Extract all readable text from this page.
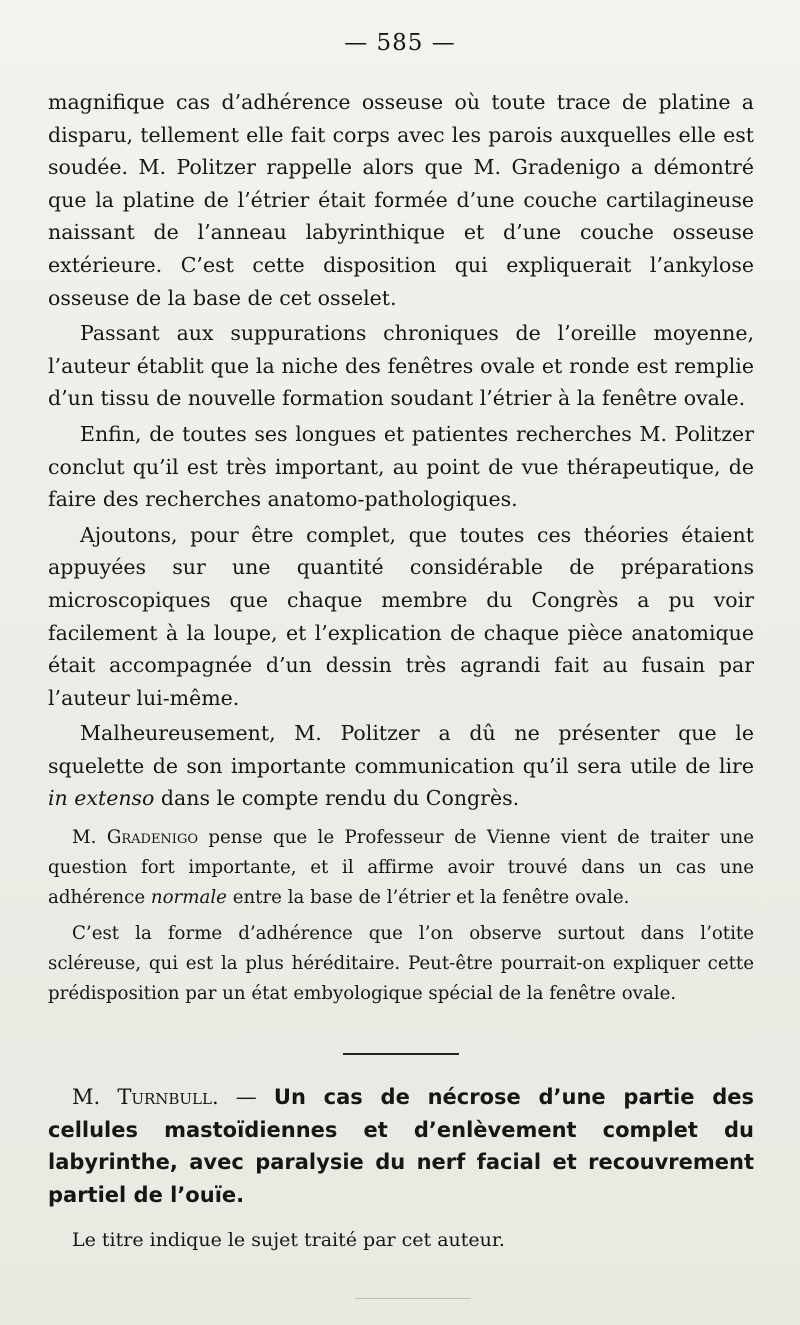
— 585 —

magnifique cas d’adhérence osseuse où toute trace de platine a disparu, tellement elle fait corps avec les parois auxquelles elle est soudée. M. Politzer rappelle alors que M. Gradenigo a démontré que la platine de l’étrier était formée d’une couche cartilagineuse naissant de l’anneau labyrinthique et d’une couche osseuse extérieure. C’est cette disposition qui expliquerait l’ankylose osseuse de la base de cet osselet.

Passant aux suppurations chroniques de l’oreille moyenne, l’auteur établit que la niche des fenêtres ovale et ronde est remplie d’un tissu de nouvelle formation soudant l’étrier à la fenêtre ovale.

Enfin, de toutes ses longues et patientes recherches M. Politzer conclut qu’il est très important, au point de vue thérapeutique, de faire des recherches anatomo-pathologiques.

Ajoutons, pour être complet, que toutes ces théories étaient appuyées sur une quantité considérable de préparations microscopiques que chaque membre du Congrès a pu voir facilement à la loupe, et l’explication de chaque pièce anatomique était accompagnée d’un dessin très agrandi fait au fusain par l’auteur lui-même.

Malheureusement, M. Politzer a dû ne présenter que le squelette de son importante communication qu’il sera utile de lire in extenso dans le compte rendu du Congrès.

M. Gradenigo pense que le Professeur de Vienne vient de traiter une question fort importante, et il affirme avoir trouvé dans un cas une adhérence normale entre la base de l’étrier et la fenêtre ovale.

C’est la forme d’adhérence que l’on observe surtout dans l’otite scléreuse, qui est la plus héréditaire. Peut-être pourrait-on expliquer cette prédisposition par un état embyologique spécial de la fenêtre ovale.

M. Turnbull. — Un cas de nécrose d’une partie des cellules mastoïdiennes et d’enlèvement complet du labyrinthe, avec paralysie du nerf facial et recouvrement partiel de l’ouïe.

Le titre indique le sujet traité par cet auteur.
